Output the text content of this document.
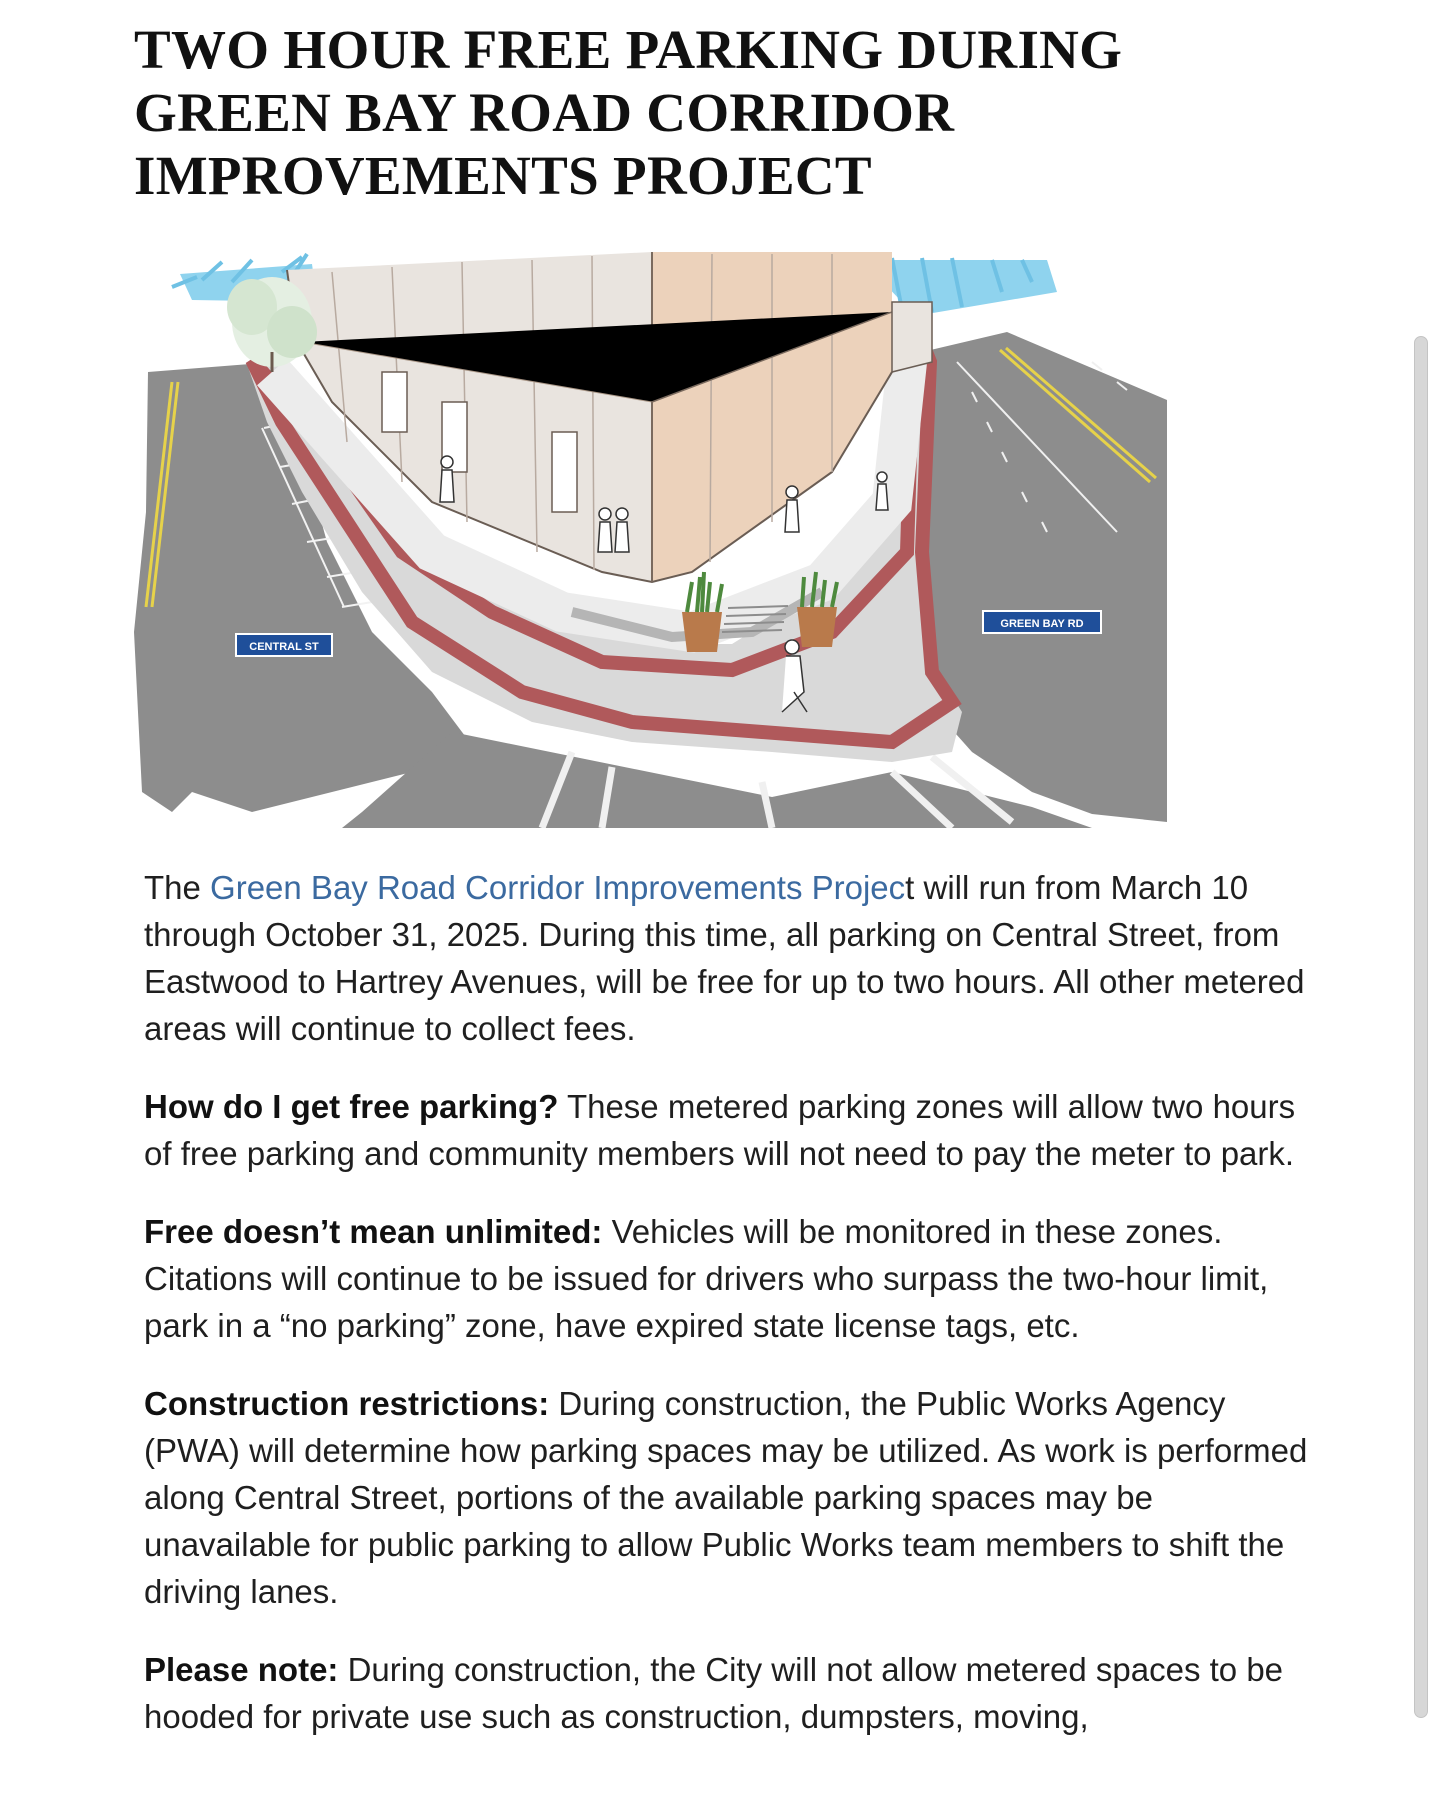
TWO HOUR FREE PARKING DURING GREEN BAY ROAD CORRIDOR IMPROVEMENTS PROJECT
CENTRAL ST
GREEN BAY RD

The Green Bay Road Corridor Improvements Project will run from March 10 through October 31, 2025. During this time, all parking on Central Street, from Eastwood to Hartrey Avenues, will be free for up to two hours. All other metered areas will continue to collect fees.

How do I get free parking? These metered parking zones will allow two hours of free parking and community members will not need to pay the meter to park.

Free doesn’t mean unlimited: Vehicles will be monitored in these zones. Citations will continue to be issued for drivers who surpass the two-hour limit, park in a “no parking” zone, have expired state license tags, etc.

Construction restrictions: During construction, the Public Works Agency (PWA) will determine how parking spaces may be utilized. As work is performed along Central Street, portions of the available parking spaces may be unavailable for public parking to allow Public Works team members to shift the driving lanes.

Please note: During construction, the City will not allow metered spaces to be hooded for private use such as construction, dumpsters, moving,
